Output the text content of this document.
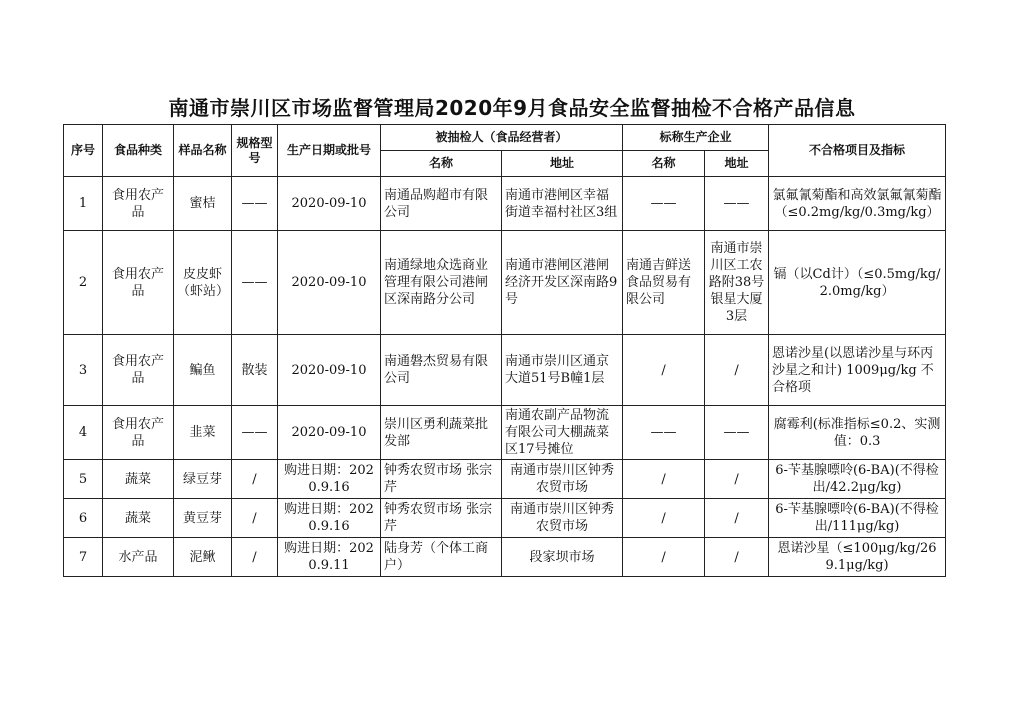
南通市崇川区市场监督管理局2020年9月食品安全监督抽检不合格产品信息
序号	食品种类	样品名称	规格型号	生产日期或批号	被抽检人（食品经营者）		标称生产企业		不合格项目及指标
					名称	地址	名称	地址	
1	食用农产品	蜜桔	——	2020-09-10	南通品购超市有限公司	南通市港闸区幸福街道幸福村社区3组	——	——	氯氟氰菊酯和高效氯氟氰菊酯（≤0.2mg/kg/0.3mg/kg）
2	食用农产品	皮皮虾（虾站）	——	2020-09-10	南通绿地众选商业管理有限公司港闸区深南路分公司	南通市港闸区港闸经济开发区深南路9号	南通吉鲜送食品贸易有限公司	南通市崇川区工农路附38号银星大厦3层	镉（以Cd计）（≤0.5mg/kg/2.0mg/kg）
3	食用农产品	鳊鱼	散装	2020-09-10	南通磐杰贸易有限公司	南通市崇川区通京大道51号B幢1层	/	/	恩诺沙星(以恩诺沙星与环丙沙星之和计) 1009μg/kg 不合格项
4	食用农产品	韭菜	——	2020-09-10	崇川区勇利蔬菜批发部	南通农副产品物流有限公司大棚蔬菜区17号摊位	——	——	腐霉利(标准指标≤0.2、实测值：0.3
5	蔬菜	绿豆芽	/	购进日期：2020.9.16	钟秀农贸市场 张宗芹	南通市崇川区钟秀农贸市场	/	/	6-苄基腺嘌呤(6-BA)(不得检出/42.2μg/kg)
6	蔬菜	黄豆芽	/	购进日期：2020.9.16	钟秀农贸市场 张宗芹	南通市崇川区钟秀农贸市场	/	/	6-苄基腺嘌呤(6-BA)(不得检出/111μg/kg)
7	水产品	泥鳅	/	购进日期：2020.9.11	陆身芳（个体工商户）	段家坝市场	/	/	恩诺沙星（≤100μg/kg/269.1μg/kg)
